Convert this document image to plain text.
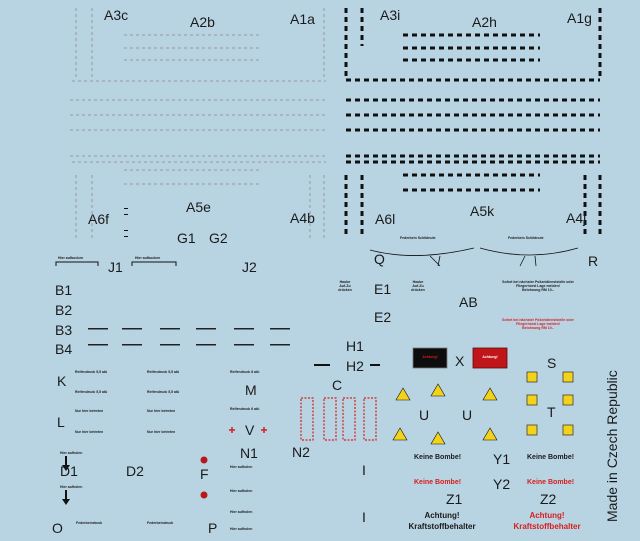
A3c	A2b	A1a	A3i	A2h	A1g
A6f
A5e
A4b	A6l	A5k	A4j
G1 G2
J1	J2	Q	R
B1
B2
B3
B4
E1
E2
AB
H1
H2	X	S
K
M	C
L	V
U U	T
N1 N2
D1	D2	F	I
I
Y1
Y2
Z1	Z2
O	P
Hier aufbocken	Hier aufbocken
Reifendruck 5,5 atü	Reifendruck 5,5 atü
Reifendruck 5,5 atü	Reifendruck 5,5 atü
Reifendruck 6 atü
Reifendruck 6 atü
Nur hier betreten	Nur hier betreten
Nur hier betreten	Nur hier betreten
Hier aufholen
Hier aufholen
Hier aufholen
Hier aufholen
Hier aufholen
Hier aufholen
Federbeindruck	Federbeindruck
Haube
Auf-Zu
drücken
Haube
Auf-Zu
drücken
Federbein Schildnute	Federbein Schildnute
Sofort bei nächster Polizeidienststelle oder
Fliegerhorst Lage melden!
Belohnung RM 10.-
Sofort bei nächster Polizeidienststelle oder
Fliegerhorst Lage melden!
Belohnung RM 10.-
Achtung!	Achtung!
Keine Bombe!	Keine Bombe!
Keine Bombe!	Keine Bombe!
Achtung!
Kraftstoffbehalter
Achtung!
Kraftstoffbehalter
Made in Czech Republic
